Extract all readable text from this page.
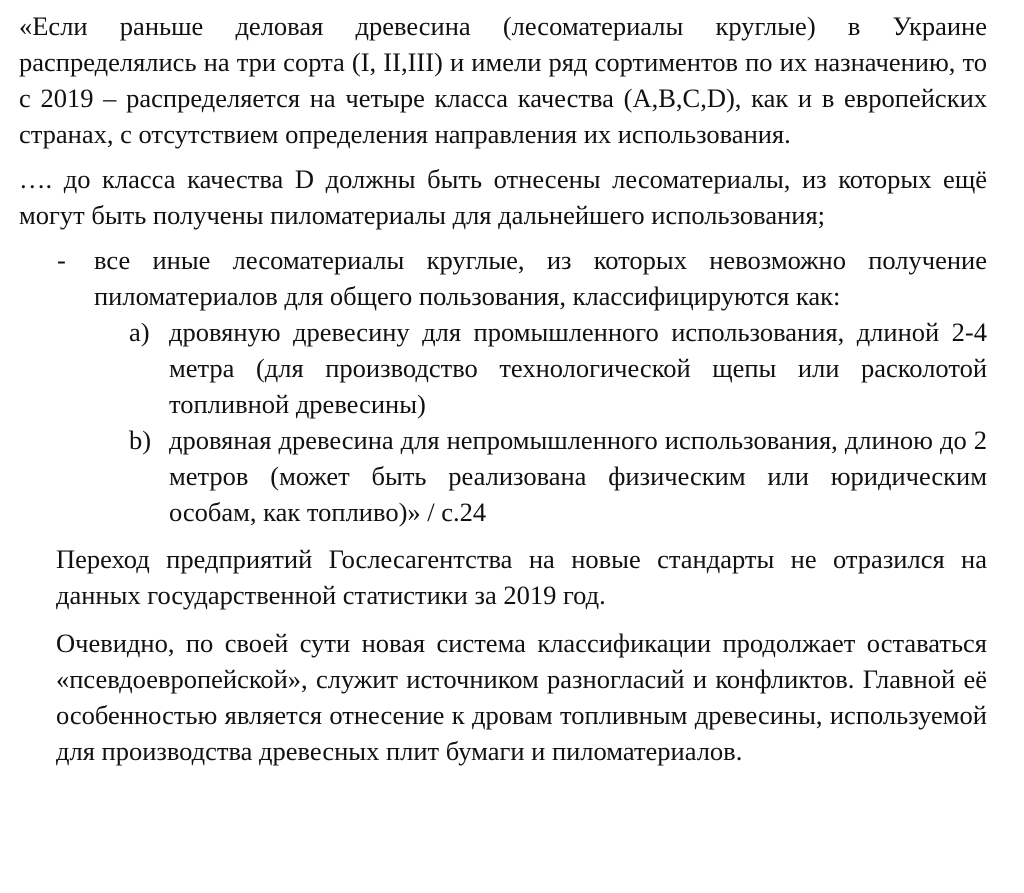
«Если раньше деловая древесина (лесоматериалы круглые) в Украине распределялись на три сорта (I, II,III) и имели ряд сортиментов по их назначению, то с 2019 – распределяется на четыре класса качества (A,B,C,D), как и в европейских странах, с отсутствием определения направления их использования.

…. до класса качества D должны быть отнесены лесоматериалы, из которых ещё могут быть получены пиломатериалы для дальнейшего использования;

- все иные лесоматериалы круглые, из которых невозможно получение пиломатериалов для общего пользования, классифицируются как:
a) дровяную древесину для промышленного использования, длиной 2-4 метра (для производство технологической щепы или расколотой топливной древесины)
b) дровяная древесина для непромышленного использования, длиною до 2 метров (может быть реализована физическим или юридическим особам, как топливо)» / с.24

Переход предприятий Гослесагентства на новые стандарты не отразился на данных государственной статистики за 2019 год.

Очевидно, по своей сути новая система классификации продолжает оставаться «псевдоевропейской», служит источником разногласий и конфликтов. Главной её особенностью является отнесение к дровам топливным древесины, используемой для производства древесных плит бумаги и пиломатериалов.
